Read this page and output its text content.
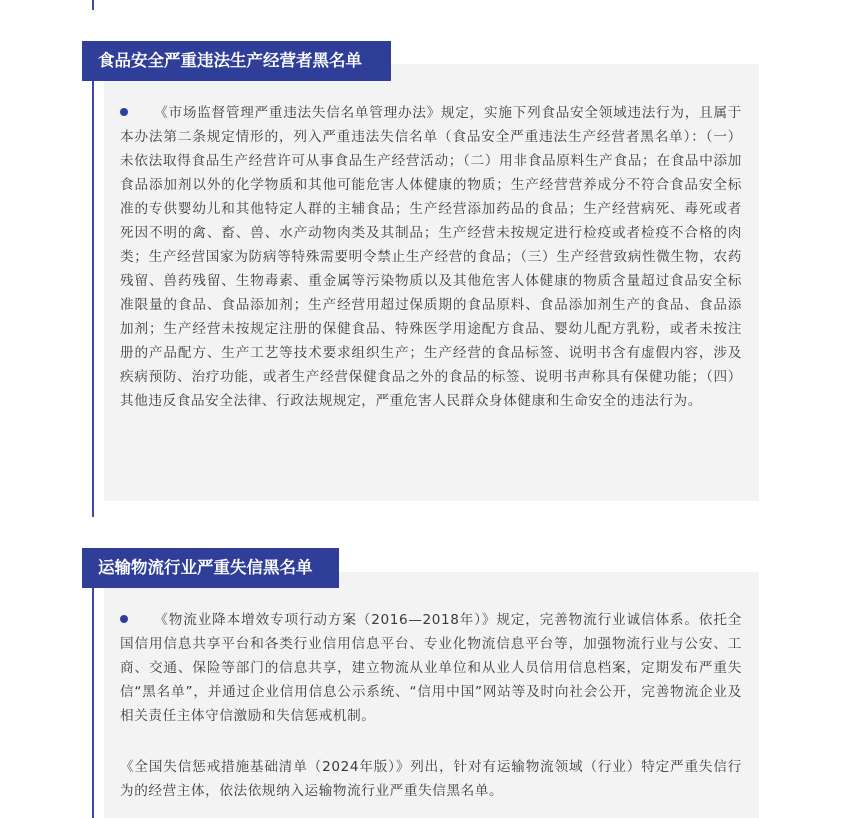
食品安全严重违法生产经营者黑名单
《市场监督管理严重违法失信名单管理办法》规定，实施下列食品安全领域违法行为，且属于本办法第二条规定情形的，列入严重违法失信名单（食品安全严重违法生产经营者黑名单）：（一）未依法取得食品生产经营许可从事食品生产经营活动；（二）用非食品原料生产食品；在食品中添加食品添加剂以外的化学物质和其他可能危害人体健康的物质；生产经营营养成分不符合食品安全标准的专供婴幼儿和其他特定人群的主辅食品；生产经营添加药品的食品；生产经营病死、毒死或者死因不明的禽、畜、兽、水产动物肉类及其制品；生产经营未按规定进行检疫或者检疫不合格的肉类；生产经营国家为防病等特殊需要明令禁止生产经营的食品；（三）生产经营致病性微生物，农药残留、兽药残留、生物毒素、重金属等污染物质以及其他危害人体健康的物质含量超过食品安全标准限量的食品、食品添加剂；生产经营用超过保质期的食品原料、食品添加剂生产的食品、食品添加剂；生产经营未按规定注册的保健食品、特殊医学用途配方食品、婴幼儿配方乳粉，或者未按注册的产品配方、生产工艺等技术要求组织生产；生产经营的食品标签、说明书含有虚假内容，涉及疾病预防、治疗功能，或者生产经营保健食品之外的食品的标签、说明书声称具有保健功能；（四）其他违反食品安全法律、行政法规规定，严重危害人民群众身体健康和生命安全的违法行为。
运输物流行业严重失信黑名单
《物流业降本增效专项行动方案（2016—2018年）》规定，完善物流行业诚信体系。依托全国信用信息共享平台和各类行业信用信息平台、专业化物流信息平台等，加强物流行业与公安、工商、交通、保险等部门的信息共享，建立物流从业单位和从业人员信用信息档案，定期发布严重失信“黑名单”，并通过企业信用信息公示系统、“信用中国”网站等及时向社会公开，完善物流企业及相关责任主体守信激励和失信惩戒机制。
《全国失信惩戒措施基础清单（2024年版）》列出，针对有运输物流领域（行业）特定严重失信行为的经营主体，依法依规纳入运输物流行业严重失信黑名单。
